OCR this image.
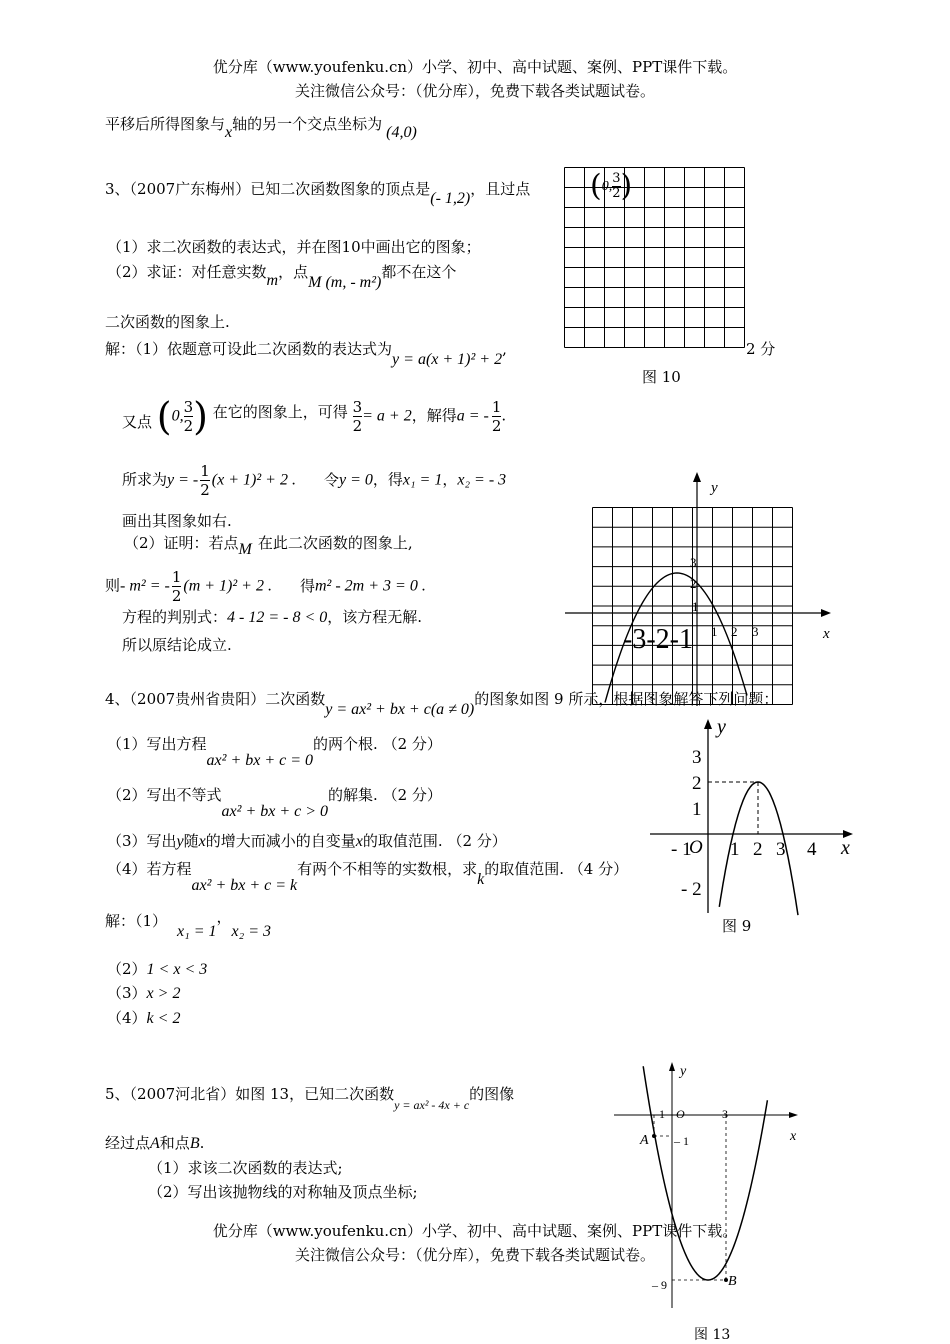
优分库（www.youfenku.cn）小学、初中、高中试题、案例、PPT课件下载。
关注微信公众号：（优分库），免费下载各类试题试卷。
平移后所得图象与x轴的另一个交点坐标为 (4,0)
3、（2007广东梅州）已知二次函数图象的顶点是(- 1,2)，且过点 (0, $\frac{3}{2}$ )
（1）求二次函数的表达式，并在图10中画出它的图象；
（2）求证：对任意实数m，点M (m, - m²)都不在这个
二次函数的图象上.
解：（1）依题意可设此二次函数的表达式为y = a(x + 1)² + 2,	2 分
图 10
又点 (0, $\frac{3}{2}$ ) 在它的图象上，可得 $\frac{3}{2} = a + 2$，解得a = - $\frac{1}{2}$ .
所求为y = - $\frac{1}{2} (x + 1)^2 + 2$ . 令y = 0，得x₁ = 1，x₂ = - 3
画出其图象如右.
（2）证明：若点M 在此二次函数的图象上,
则- m² = - $\frac{1}{2} (m + 1)^2 + 2$ . 得m² - 2m + 3 = 0 .
方程的判别式：4 - 12 = - 8 < 0，该方程无解.
所以原结论成立.
y
x
3
2
1
1 2 3
-3-2-1
4、（2007贵州省贵阳）二次函数y = ax² + bx + c(a ≠ 0)的图象如图 9 所示，根据图象解答下列问题：
（1）写出方程ax² + bx + c = 0的两个根. （2 分）
（2）写出不等式ax² + bx + c > 0的解集. （2 分）
（3）写出y随x的增大而减小的自变量x的取值范围. （2 分）
（4）若方程ax² + bx + c = k有两个不相等的实数根，求k的取值范围. （4 分）
解：（1）x₁ = 1，x₂ = 3
（2）1 < x < 3
（3）x > 2
（4）k < 2
y
x
O
3
2
1
- 1
- 2
1 2 3 4
图 9
5、（2007河北省）如图 13，已知二次函数$_{y = ax^2 - 4x + c}$的图像
经过点A和点B.
（1）求该二次函数的表达式;
（2）写出该抛物线的对称轴及顶点坐标;
y
x
O
- 1	3
– 1
– 9
A
B
图 13
优分库（www.youfenku.cn）小学、初中、高中试题、案例、PPT课件下载。
关注微信公众号：（优分库），免费下载各类试题试卷。
